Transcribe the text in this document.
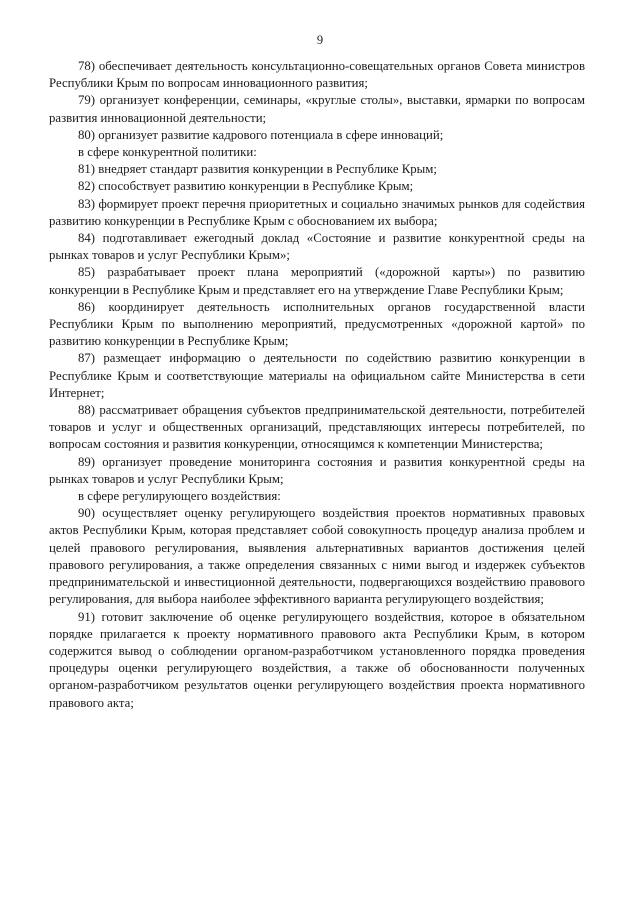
9

78) обеспечивает деятельность консультационно-совещательных органов Совета министров Республики Крым по вопросам инновационного развития;

79) организует конференции, семинары, «круглые столы», выставки, ярмарки по вопросам развития инновационной деятельности;

80) организует развитие кадрового потенциала в сфере инноваций;

в сфере конкурентной политики:

81) внедряет стандарт развития конкуренции в Республике Крым;

82) способствует развитию конкуренции в Республике Крым;

83) формирует проект перечня приоритетных и социально значимых рынков для содействия развитию конкуренции в Республике Крым с обоснованием их выбора;

84) подготавливает ежегодный доклад «Состояние и развитие конкурентной среды на рынках товаров и услуг Республики Крым»;

85) разрабатывает проект плана мероприятий («дорожной карты») по развитию конкуренции в Республике Крым и представляет его на утверждение Главе Республики Крым;

86) координирует деятельность исполнительных органов государственной власти Республики Крым по выполнению мероприятий, предусмотренных «дорожной картой» по развитию конкуренции в Республике Крым;

87) размещает информацию о деятельности по содействию развитию конкуренции в Республике Крым и соответствующие материалы на официальном сайте Министерства в сети Интернет;

88) рассматривает обращения субъектов предпринимательской деятельности, потребителей товаров и услуг и общественных организаций, представляющих интересы потребителей, по вопросам состояния и развития конкуренции, относящимся к компетенции Министерства;

89) организует проведение мониторинга состояния и развития конкурентной среды на рынках товаров и услуг Республики Крым;

в сфере регулирующего воздействия:

90) осуществляет оценку регулирующего воздействия проектов нормативных правовых актов Республики Крым, которая представляет собой совокупность процедур анализа проблем и целей правового регулирования, выявления альтернативных вариантов достижения целей правового регулирования, а также определения связанных с ними выгод и издержек субъектов предпринимательской и инвестиционной деятельности, подвергающихся воздействию правового регулирования, для выбора наиболее эффективного варианта регулирующего воздействия;

91) готовит заключение об оценке регулирующего воздействия, которое в обязательном порядке прилагается к проекту нормативного правового акта Республики Крым, в котором содержится вывод о соблюдении органом-разработчиком установленного порядка проведения процедуры оценки регулирующего воздействия, а также об обоснованности полученных органом-разработчиком результатов оценки регулирующего воздействия проекта нормативного правового акта;
